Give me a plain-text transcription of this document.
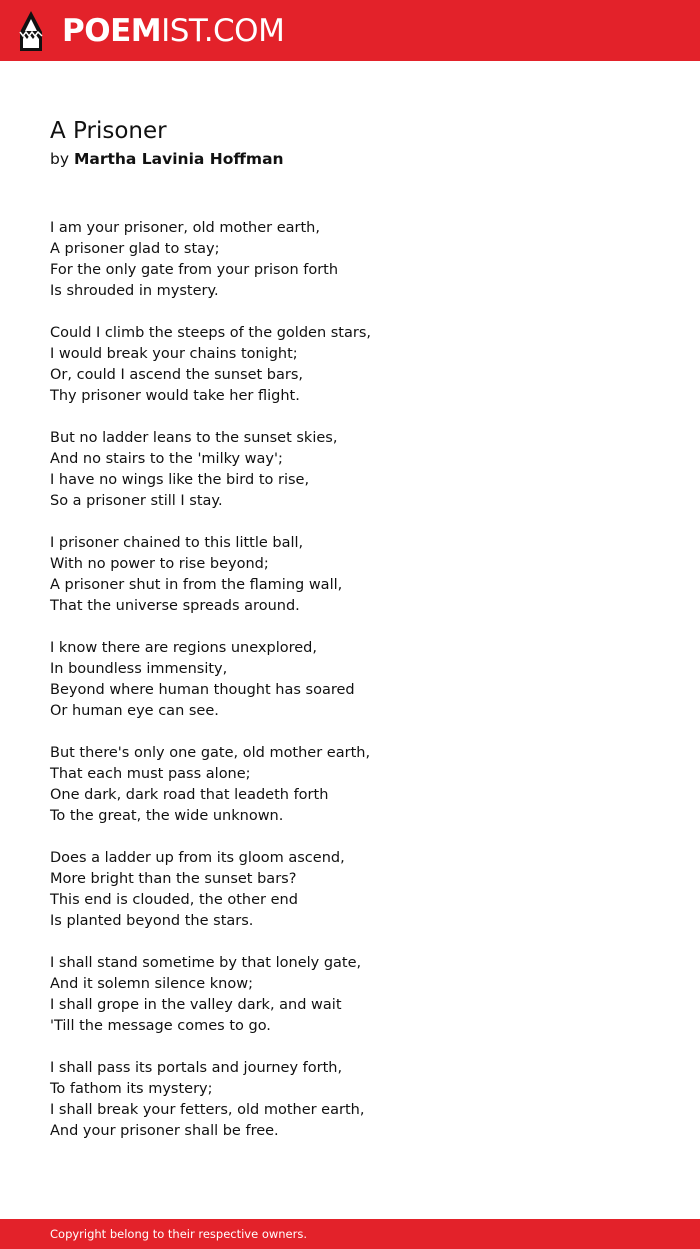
POEMIST.COM
A Prisoner
by Martha Lavinia Hoffman
I am your prisoner, old mother earth,
A prisoner glad to stay;
For the only gate from your prison forth
Is shrouded in mystery.
Could I climb the steeps of the golden stars,
I would break your chains tonight;
Or, could I ascend the sunset bars,
Thy prisoner would take her flight.
But no ladder leans to the sunset skies,
And no stairs to the 'milky way';
I have no wings like the bird to rise,
So a prisoner still I stay.
I prisoner chained to this little ball,
With no power to rise beyond;
A prisoner shut in from the flaming wall,
That the universe spreads around.
I know there are regions unexplored,
In boundless immensity,
Beyond where human thought has soared
Or human eye can see.
But there's only one gate, old mother earth,
That each must pass alone;
One dark, dark road that leadeth forth
To the great, the wide unknown.
Does a ladder up from its gloom ascend,
More bright than the sunset bars?
This end is clouded, the other end
Is planted beyond the stars.
I shall stand sometime by that lonely gate,
And it solemn silence know;
I shall grope in the valley dark, and wait
'Till the message comes to go.
I shall pass its portals and journey forth,
To fathom its mystery;
I shall break your fetters, old mother earth,
And your prisoner shall be free.
Copyright belong to their respective owners.
